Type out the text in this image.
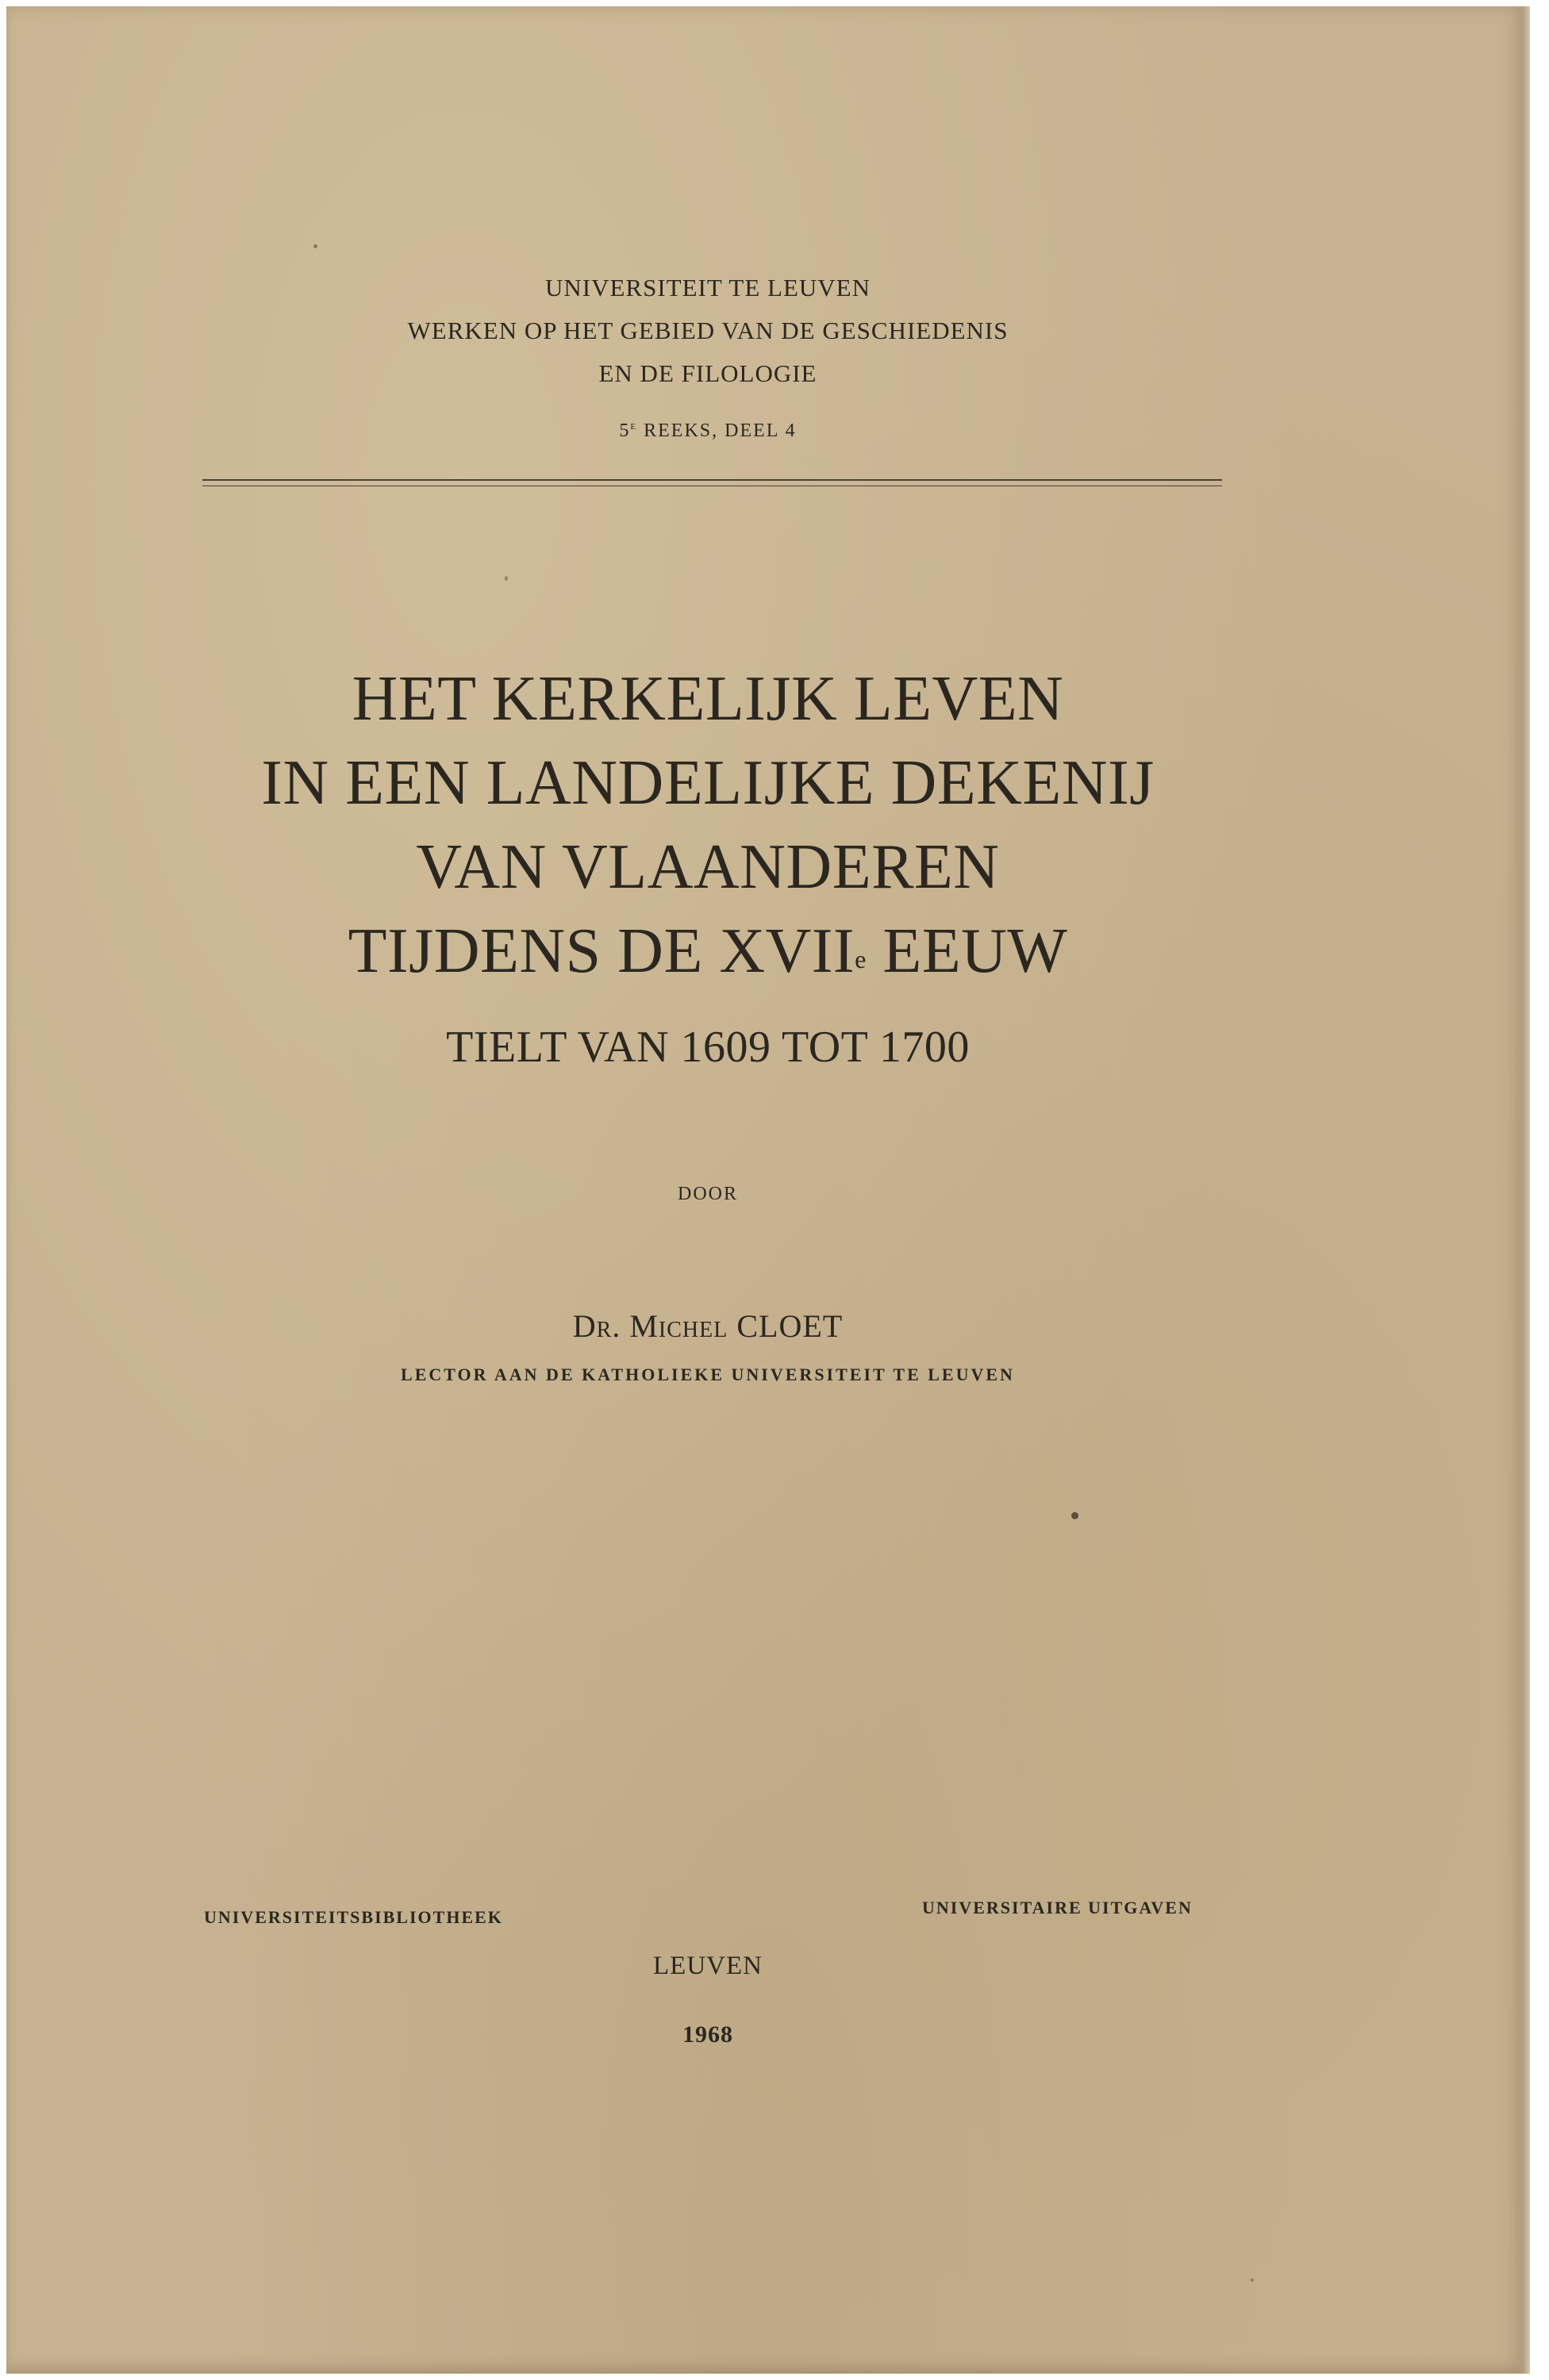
UNIVERSITEIT TE LEUVEN
WERKEN OP HET GEBIED VAN DE GESCHIEDENIS
EN DE FILOLOGIE
5e REEKS, DEEL 4
HET KERKELIJK LEVEN
IN EEN LANDELIJKE DEKENIJ
VAN VLAANDEREN
TIJDENS DE XVIIe EEUW
TIELT VAN 1609 TOT 1700
DOOR
Dr. Michel CLOET
LECTOR AAN DE KATHOLIEKE UNIVERSITEIT TE LEUVEN
UNIVERSITEITSBIBLIOTHEEK	UNIVERSITAIRE UITGAVEN
LEUVEN
1968
